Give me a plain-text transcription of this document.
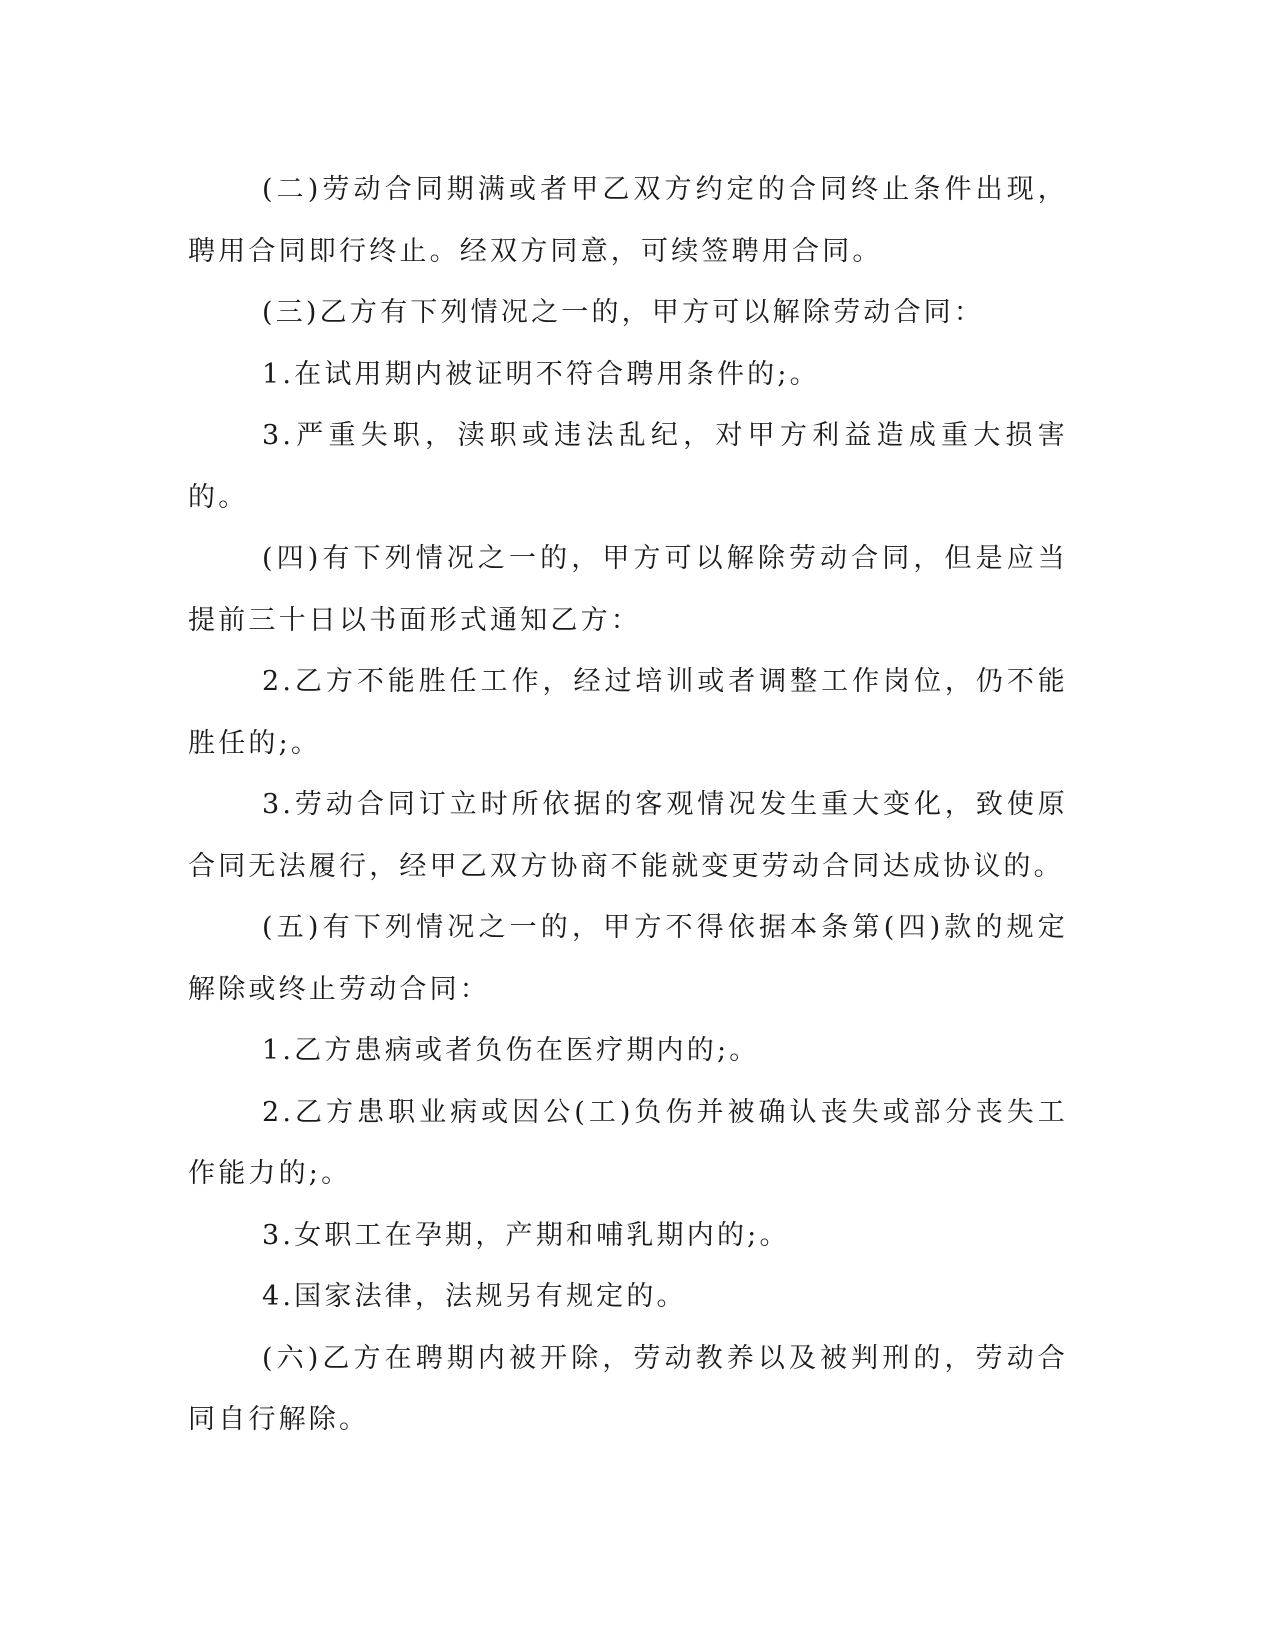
(二)劳动合同期满或者甲乙双方约定的合同终止条件出现，聘用合同即行终止。经双方同意，可续签聘用合同。

(三)乙方有下列情况之一的，甲方可以解除劳动合同：

1.在试用期内被证明不符合聘用条件的;。

3.严重失职，渎职或违法乱纪，对甲方利益造成重大损害的。

(四)有下列情况之一的，甲方可以解除劳动合同，但是应当提前三十日以书面形式通知乙方：

2.乙方不能胜任工作，经过培训或者调整工作岗位，仍不能胜任的;。

3.劳动合同订立时所依据的客观情况发生重大变化，致使原合同无法履行，经甲乙双方协商不能就变更劳动合同达成协议的。

(五)有下列情况之一的，甲方不得依据本条第(四)款的规定解除或终止劳动合同：

1.乙方患病或者负伤在医疗期内的;。

2.乙方患职业病或因公(工)负伤并被确认丧失或部分丧失工作能力的;。

3.女职工在孕期，产期和哺乳期内的;。

4.国家法律，法规另有规定的。

(六)乙方在聘期内被开除，劳动教养以及被判刑的，劳动合同自行解除。
